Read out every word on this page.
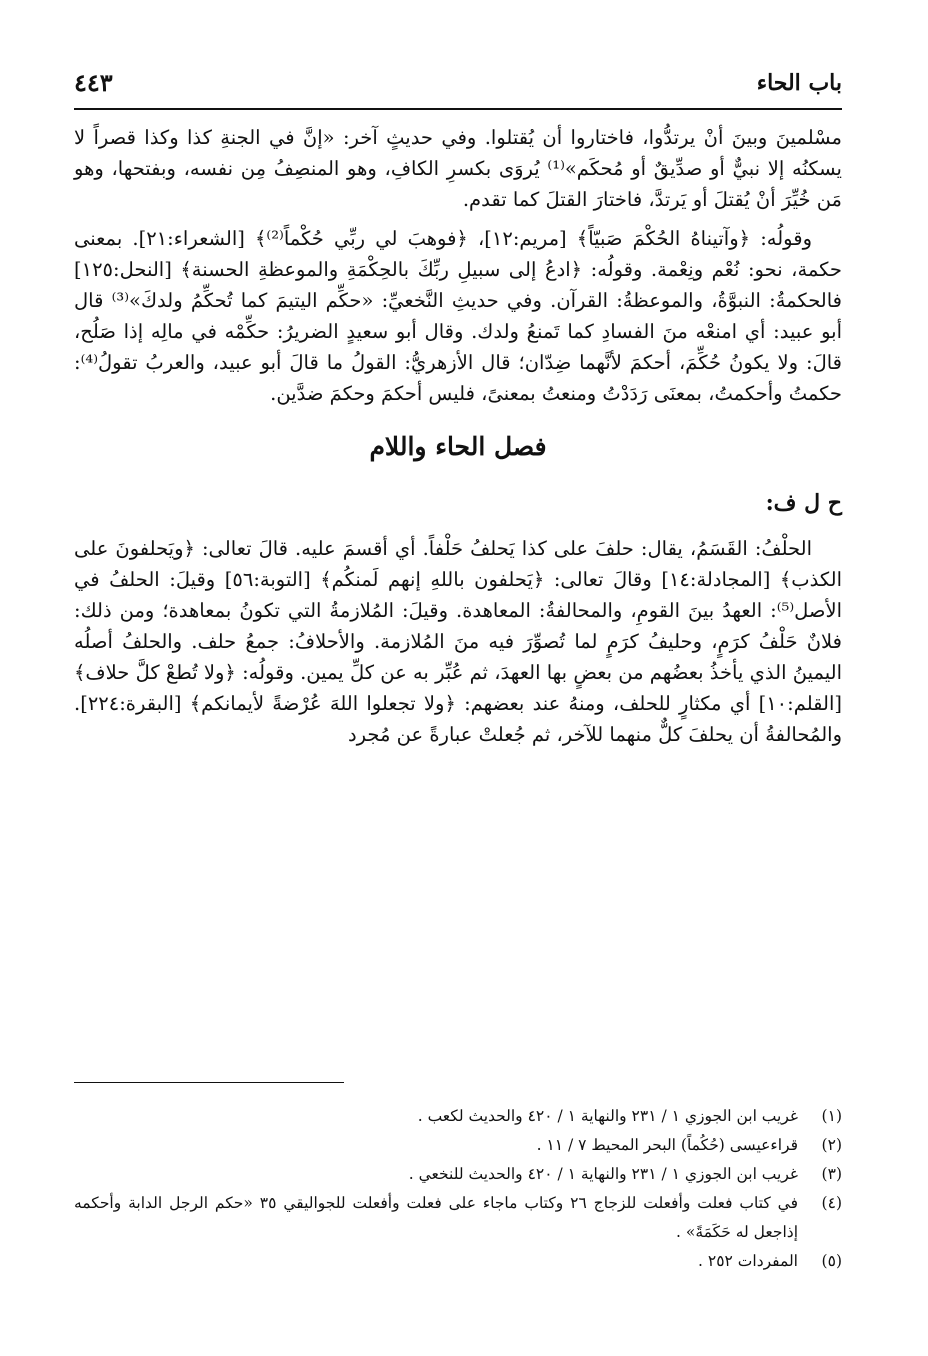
باب الحاء
٤٤٣

مسْلمينَ وبينَ أنْ يرتدُّوا، فاختاروا أن يُقتلوا. وفي حديثٍ آخر: «إنَّ في الجنةِ كذا وكذا قصراً لا يسكنُه إلا نبيٌّ أو صدِّيقٌ أو مُحكَم»⁽¹⁾ يُروَى بكسرِ الكافِ، وهو المنصِفُ مِن نفسه، وبفتحها، وهو مَن خُيِّرَ أنْ يُقتلَ أو يَرتدَّ، فاختارَ القتلَ كما تقدم.

وقولُه: ﴿وآتيناهُ الحُكْمَ صَبيّاً﴾ [مريم:١٢]، ﴿فوهبَ لي ربِّي حُكْماً⁽²⁾﴾ [الشعراء:٢١]. بمعنى حكمة، نحو: نُعْم ونِعْمة. وقولُه: ﴿ادعُ إلى سبيلِ ربِّكَ بالحِكْمَةِ والموعظةِ الحسنة﴾ [النحل:١٢٥] فالحكمةُ: النبوَّةُ، والموعظةُ: القرآن. وفي حديثِ النَّخعيِّ: «حكِّم اليتيمَ كما تُحكِّمُ ولدكَ»⁽³⁾ قال أبو عبيد: أي امنعْه منَ الفسادِ كما تَمنعُ ولدك. وقال أبو سعيدٍ الضريرُ: حكِّمْه في مالِه إذا صَلُح، قالَ: ولا يكونُ حُكِّمَ، أحكمَ لأنَّهما ضِدّان؛ قال الأزهريُّ: القولُ ما قالَ أبو عبيد، والعربُ تقولُ⁽⁴⁾: حكمتُ وأحكمتُ، بمعنَى رَدَدْتُ ومنعتُ بمعنىً، فليس أحكمَ وحكمَ ضدَّين.

فصل الحاء واللام
ح ل ف:

الحلْفُ: القَسَمُ، يقال: حلفَ على كذا يَحلفُ حَلْفاً. أي أقسمَ عليه. قالَ تعالى: ﴿ويَحلفونَ على الكذب﴾ [المجادلة:١٤] وقالَ تعالى: ﴿يَحلفون باللهِ إنهم لَمنكُم﴾ [التوبة:٥٦] وقيلَ: الحلفُ في الأصل⁽⁵⁾: العهدُ بينَ القومِ، والمحالفةُ: المعاهدة. وقيلَ: المُلازمةُ التي تكونُ بمعاهدة؛ ومن ذلك: فلانٌ حَلْفُ كرَمٍ، وحليفُ كرَمٍ لما تُصوِّرَ فيه منَ المُلازمة. والأحلافُ: جمعُ حلف. والحلفُ أصلُه اليمينُ الذي يأخذُ بعضُهم من بعضٍ بها العهدَ، ثم عُبِّر به عن كلِّ يمين. وقولُه: ﴿ولا تُطعْ كلَّ حلاف﴾ [القلم:١٠] أي مكثارٍ للحلف، ومنهُ عند بعضهم: ﴿ولا تجعلوا اللهَ عُرْضةً لأيمانكم﴾ [البقرة:٢٢٤]. والمُحالفةُ أن يحلفَ كلٌّ منهما للآخر، ثم جُعلتْ عبارةً عن مُجرد

(١)
غريب ابن الجوزي ١ / ٢٣١ والنهاية ١ / ٤٢٠ والحديث لكعب .
(٢)
قراءعيسى (حُكُماً) البحر المحيط ٧ / ١١ .
(٣)
غريب ابن الجوزي ١ / ٢٣١ والنهاية ١ / ٤٢٠ والحديث للنخعي .
(٤)
في كتاب فعلت وأفعلت للزجاج ٢٦ وكتاب ماجاء على فعلت وأفعلت للجواليقي ٣٥ «حكم الرجل الدابة وأحكمه إذاجعل له حَكَمَةً» .
(٥)
المفردات ٢٥٢ .
